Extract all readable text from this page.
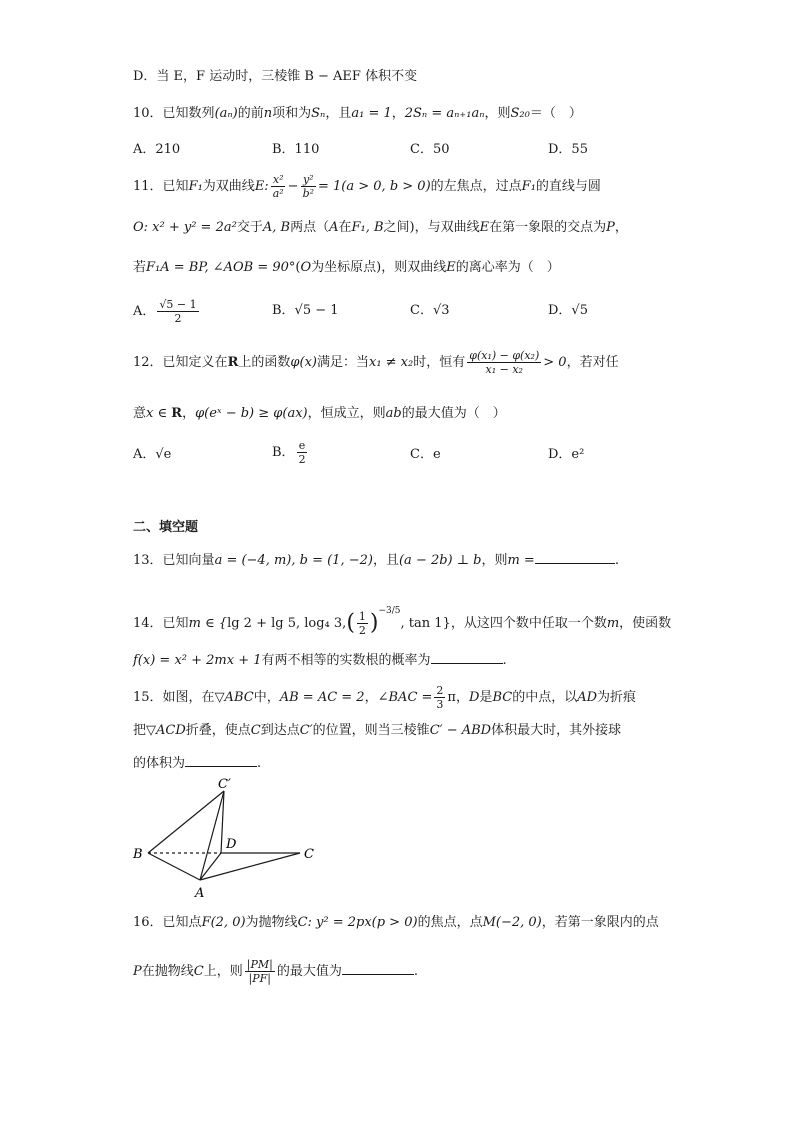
D．当 E，F 运动时，三棱锥 B − AEF 体积不变
10．已知数列(aₙ)的前n项和为Sₙ，且a₁ = 1，2Sₙ = aₙ₊₁aₙ，则S₂₀＝（　）
A．210	B．110	C．50	D．55
11．已知F₁为双曲线E: $\frac{\text{x²}}{\text{a²}} - \frac{\text{y²}}{\text{b²}} = 1(a > 0$, b > 0)的左焦点，过点F₁的直线与圆
O: x² + y² = 2a²交于A, B两点（A在F₁, B之间)，与双曲线E在第一象限的交点为P，
若F₁A = BP, ∠AOB = 90°(O为坐标原点)，则双曲线E的离心率为（　）
A． $\frac{√5 - 1}{2}$	B．√5 − 1	C．√3	D．√5
12．已知定义在R上的函数φ(x)满足：当x₁ ≠ x₂时，恒有 $\frac{\text{φ(x₁) − φ(x₂)}}{\text{x₁ − x₂}} > 0$，若对任
意x ∈ R，φ(eˣ − b) ≥ φ(ax)，恒成立，则ab的最大值为（　）
A．√e	B． $\frac{e}{2}$	C．e	D．e²
二、填空题
13．已知向量a = (−4, m), b = (1, −2)，且(a − 2b) ⊥ b，则m =	.
14．已知m ∈ {lg 2 + lg 5, log₄ $3,( \frac{1}{2} )^{-3/5}$, tan 1}，从这四个数中任取一个数m，使函数
f(x) = x² + 2mx + 1有两不相等的实数根的概率为	.
15．如图，在▽ABC中，AB = AC = 2，∠BAC = $\frac{2}{3}$ π，D是BC的中点，以AD为折痕
把▽ACD折叠，使点C到达点C′的位置，则当三棱锥C′ − ABD体积最大时，其外接球
的体积为	.
C′
B
D
C
A
16．已知点F(2, 0)为抛物线C: y² = 2px(p > 0)的焦点，点M(−2, 0)，若第一象限内的点
P在抛物线C上，则 $\frac{|PM|}{|PF|}$ 的最大值为	.
